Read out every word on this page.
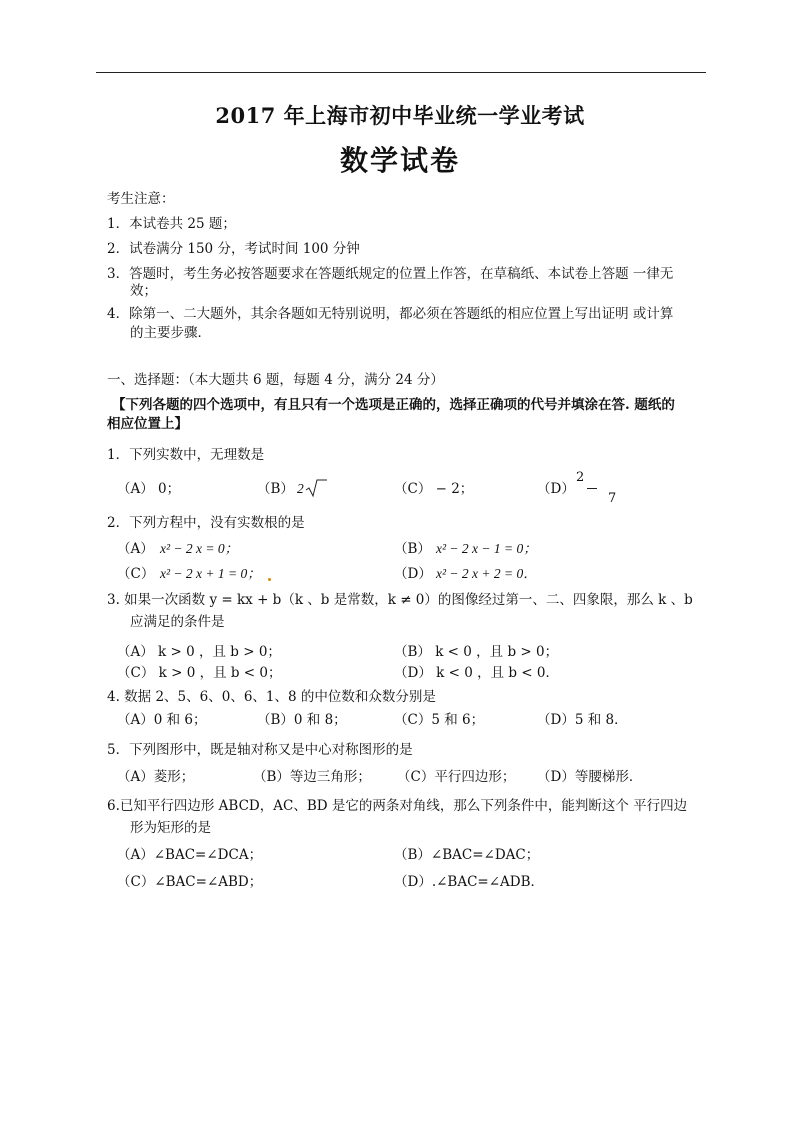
2017 年上海市初中毕业统一学业考试
数学试卷
考生注意：
1．本试卷共 25 题；
2．试卷满分 150 分，考试时间 100 分钟
3．答题时，考生务必按答题要求在答题纸规定的位置上作答，在草稿纸、本试卷上答题 一律无
效；
4．除第一、二大题外，其余各题如无特别说明，都必须在答题纸的相应位置上写出证明 或计算
的主要步骤．
一、选择题：（本大题共 6 题，每题 4 分，满分 24 分）
【下列各题的四个选项中，有且只有一个选项是正确的，选择正确项的代号并填涂在答. 题纸的
相应位置上】
1．下列实数中，无理数是
（A） 0；	（B） 2	（C） − 2；	（D）
2
7
2．下列方程中，没有实数根的是
（A） x² − 2 x = 0；	（B） x² − 2 x − 1 = 0；
（C） x² − 2 x + 1 = 0；	（D） x² − 2 x + 2 = 0．
3. 如果一次函数 y = kx + b（k 、b 是常数，k ≠ 0）的图像经过第一、二、四象限，那么 k 、b
应满足的条件是
（A） k > 0 ，且 b > 0；	（B） k < 0 ，且 b > 0；
（C） k > 0 ，且 b < 0；	（D） k < 0 ，且 b < 0．
4. 数据 2、5、6、0、6、1、8 的中位数和众数分别是
（A）0 和 6；	（B）0 和 8；	（C）5 和 6；	（D）5 和 8．
5．下列图形中，既是轴对称又是中心对称图形的是
（A）菱形；	（B）等边三角形； （C）平行四边形； （D）等腰梯形．
6.已知平行四边形 ABCD，AC、BD 是它的两条对角线，那么下列条件中，能判断这个 平行四边
形为矩形的是
（A）∠BAC=∠DCA；	（B）∠BAC=∠DAC；
（C）∠BAC=∠ABD；	（D）.∠BAC=∠ADB．
